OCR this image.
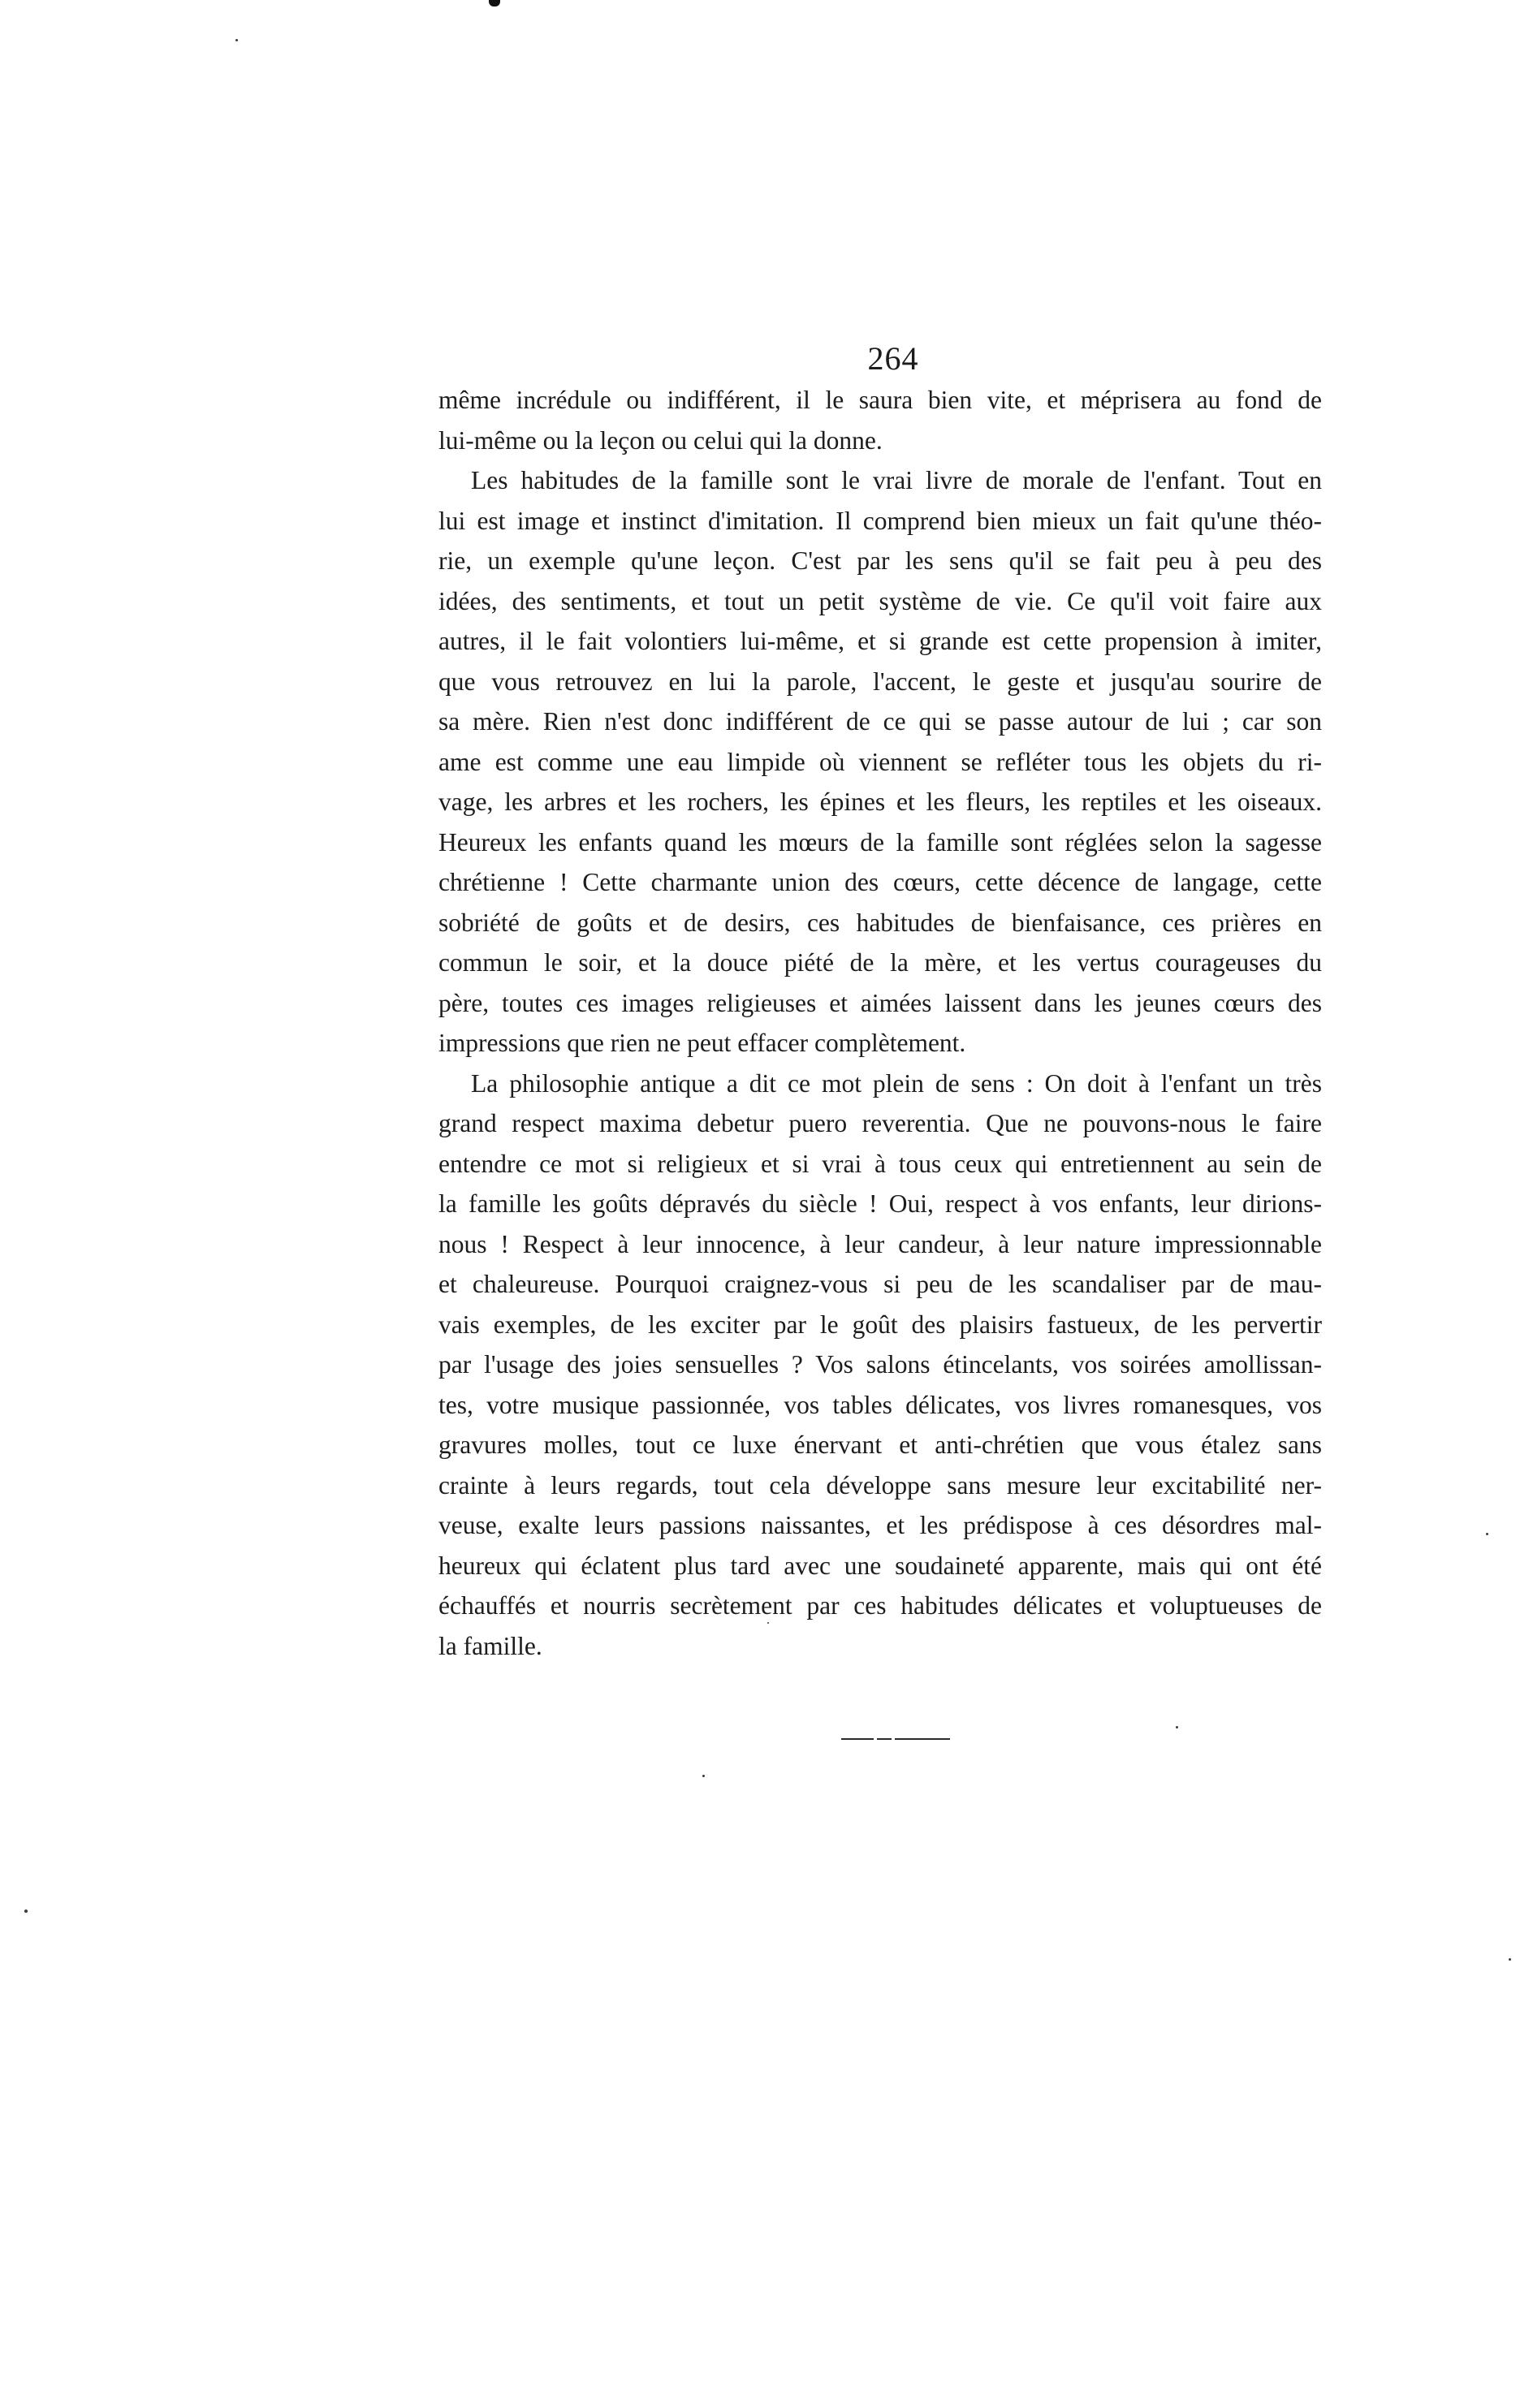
264
même incrédule ou indifférent, il le saura bien vite, et méprisera au fond de
lui-même ou la leçon ou celui qui la donne.
Les habitudes de la famille sont le vrai livre de morale de l'enfant. Tout en
lui est image et instinct d'imitation. Il comprend bien mieux un fait qu'une théo-
rie, un exemple qu'une leçon. C'est par les sens qu'il se fait peu à peu des
idées, des sentiments, et tout un petit système de vie. Ce qu'il voit faire aux
autres, il le fait volontiers lui-même, et si grande est cette propension à imiter,
que vous retrouvez en lui la parole, l'accent, le geste et jusqu'au sourire de
sa mère. Rien n'est donc indifférent de ce qui se passe autour de lui ; car son
ame est comme une eau limpide où viennent se refléter tous les objets du ri-
vage, les arbres et les rochers, les épines et les fleurs, les reptiles et les oiseaux.
Heureux les enfants quand les mœurs de la famille sont réglées selon la sagesse
chrétienne ! Cette charmante union des cœurs, cette décence de langage, cette
sobriété de goûts et de desirs, ces habitudes de bienfaisance, ces prières en
commun le soir, et la douce piété de la mère, et les vertus courageuses du
père, toutes ces images religieuses et aimées laissent dans les jeunes cœurs des
impressions que rien ne peut effacer complètement.
La philosophie antique a dit ce mot plein de sens : On doit à l'enfant un très
grand respect maxima debetur puero reverentia. Que ne pouvons-nous le faire
entendre ce mot si religieux et si vrai à tous ceux qui entretiennent au sein de
la famille les goûts dépravés du siècle ! Oui, respect à vos enfants, leur dirions-
nous ! Respect à leur innocence, à leur candeur, à leur nature impressionnable
et chaleureuse. Pourquoi craignez-vous si peu de les scandaliser par de mau-
vais exemples, de les exciter par le goût des plaisirs fastueux, de les pervertir
par l'usage des joies sensuelles ? Vos salons étincelants, vos soirées amollissan-
tes, votre musique passionnée, vos tables délicates, vos livres romanesques, vos
gravures molles, tout ce luxe énervant et anti-chrétien que vous étalez sans
crainte à leurs regards, tout cela développe sans mesure leur excitabilité ner-
veuse, exalte leurs passions naissantes, et les prédispose à ces désordres mal-
heureux qui éclatent plus tard avec une soudaineté apparente, mais qui ont été
échauffés et nourris secrètement par ces habitudes délicates et voluptueuses de
la famille.
